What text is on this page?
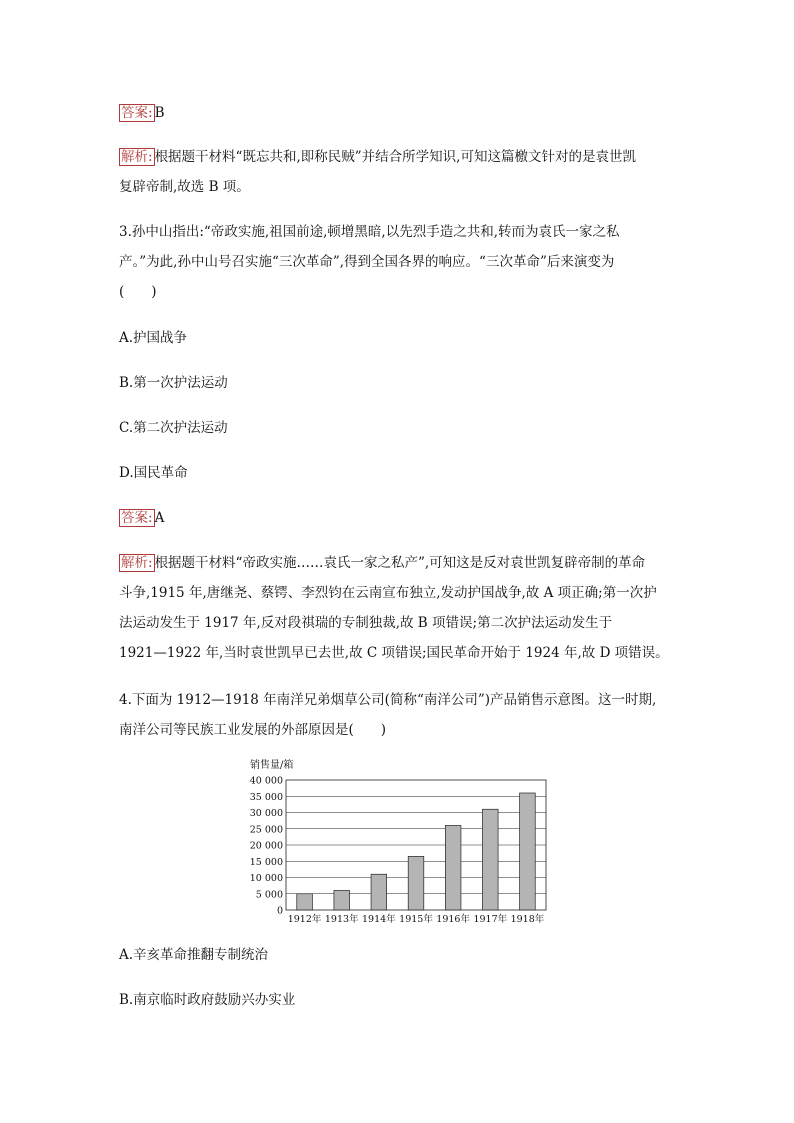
答案: B
解析: 根据题干材料“既忘共和,即称民贼”并结合所学知识,可知这篇檄文针对的是袁世凯
复辟帝制,故选 B 项。
3.孙中山指出:“帝政实施,祖国前途,顿增黑暗,以先烈手造之共和,转而为袁氏一家之私
产。”为此,孙中山号召实施“三次革命”,得到全国各界的响应。“三次革命”后来演变为
(　　)
A.护国战争
B.第一次护法运动
C.第二次护法运动
D.国民革命
答案: A
解析: 根据题干材料“帝政实施……袁氏一家之私产”,可知这是反对袁世凯复辟帝制的革命
斗争,1915 年,唐继尧、蔡锷、李烈钧在云南宣布独立,发动护国战争,故 A 项正确;第一次护
法运动发生于 1917 年,反对段祺瑞的专制独裁,故 B 项错误;第二次护法运动发生于
1921—1922 年,当时袁世凯早已去世,故 C 项错误;国民革命开始于 1924 年,故 D 项错误。
4.下面为 1912—1918 年南洋兄弟烟草公司(简称“南洋公司”)产品销售示意图。这一时期,
南洋公司等民族工业发展的外部原因是(　　)
销售量/箱
0
5 000
10 000
15 000
20 000
25 000
30 000
35 000
40 000
1912年 1913年 1914年 1915年 1916年 1917年 1918年
A.辛亥革命推翻专制统治
B.南京临时政府鼓励兴办实业
